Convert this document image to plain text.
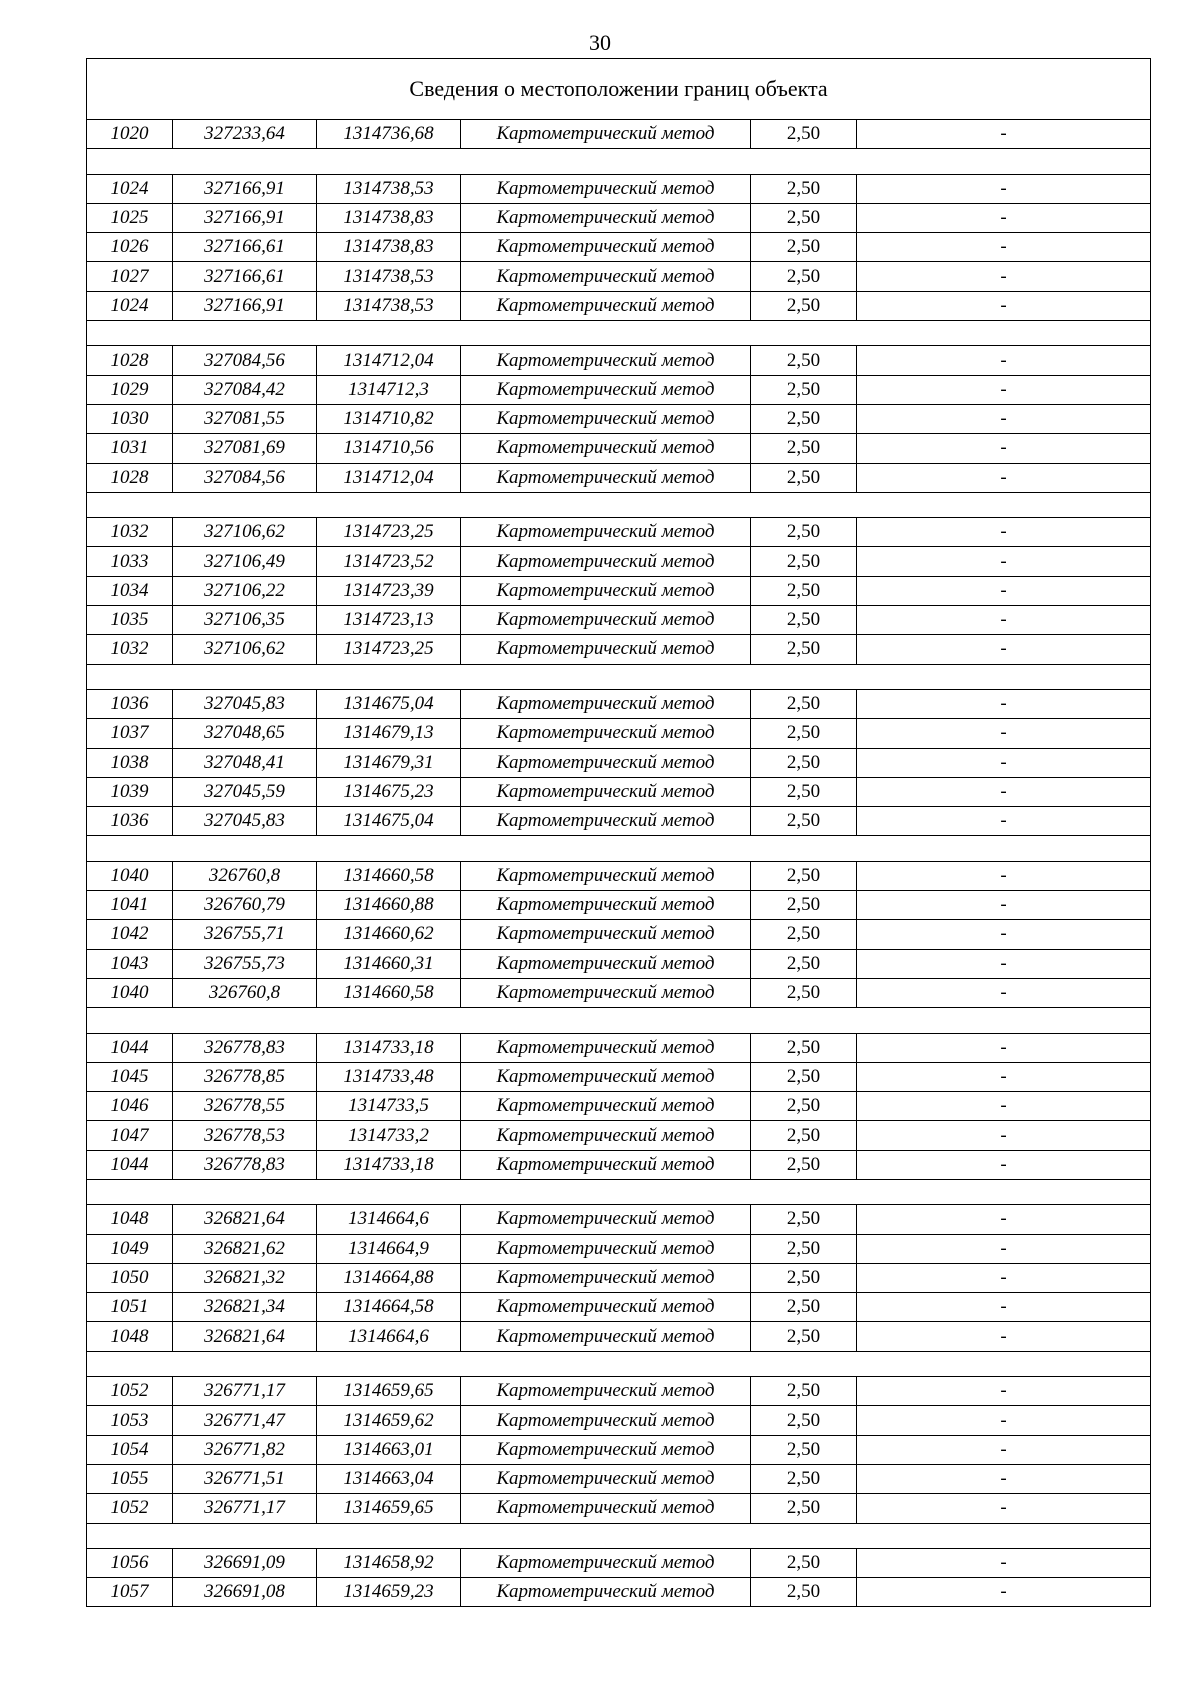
30
Сведения о местоположении границ объекта					
1020	327233,64	1314736,68	Картометрический метод	2,50	-

1024	327166,91	1314738,53	Картометрический метод	2,50	-
1025	327166,91	1314738,83	Картометрический метод	2,50	-
1026	327166,61	1314738,83	Картометрический метод	2,50	-
1027	327166,61	1314738,53	Картометрический метод	2,50	-
1024	327166,91	1314738,53	Картометрический метод	2,50	-

1028	327084,56	1314712,04	Картометрический метод	2,50	-
1029	327084,42	1314712,3	Картометрический метод	2,50	-
1030	327081,55	1314710,82	Картометрический метод	2,50	-
1031	327081,69	1314710,56	Картометрический метод	2,50	-
1028	327084,56	1314712,04	Картометрический метод	2,50	-

1032	327106,62	1314723,25	Картометрический метод	2,50	-
1033	327106,49	1314723,52	Картометрический метод	2,50	-
1034	327106,22	1314723,39	Картометрический метод	2,50	-
1035	327106,35	1314723,13	Картометрический метод	2,50	-
1032	327106,62	1314723,25	Картометрический метод	2,50	-

1036	327045,83	1314675,04	Картометрический метод	2,50	-
1037	327048,65	1314679,13	Картометрический метод	2,50	-
1038	327048,41	1314679,31	Картометрический метод	2,50	-
1039	327045,59	1314675,23	Картометрический метод	2,50	-
1036	327045,83	1314675,04	Картометрический метод	2,50	-

1040	326760,8	1314660,58	Картометрический метод	2,50	-
1041	326760,79	1314660,88	Картометрический метод	2,50	-
1042	326755,71	1314660,62	Картометрический метод	2,50	-
1043	326755,73	1314660,31	Картометрический метод	2,50	-
1040	326760,8	1314660,58	Картометрический метод	2,50	-

1044	326778,83	1314733,18	Картометрический метод	2,50	-
1045	326778,85	1314733,48	Картометрический метод	2,50	-
1046	326778,55	1314733,5	Картометрический метод	2,50	-
1047	326778,53	1314733,2	Картометрический метод	2,50	-
1044	326778,83	1314733,18	Картометрический метод	2,50	-

1048	326821,64	1314664,6	Картометрический метод	2,50	-
1049	326821,62	1314664,9	Картометрический метод	2,50	-
1050	326821,32	1314664,88	Картометрический метод	2,50	-
1051	326821,34	1314664,58	Картометрический метод	2,50	-
1048	326821,64	1314664,6	Картометрический метод	2,50	-

1052	326771,17	1314659,65	Картометрический метод	2,50	-
1053	326771,47	1314659,62	Картометрический метод	2,50	-
1054	326771,82	1314663,01	Картометрический метод	2,50	-
1055	326771,51	1314663,04	Картометрический метод	2,50	-
1052	326771,17	1314659,65	Картометрический метод	2,50	-

1056	326691,09	1314658,92	Картометрический метод	2,50	-
1057	326691,08	1314659,23	Картометрический метод	2,50	-
